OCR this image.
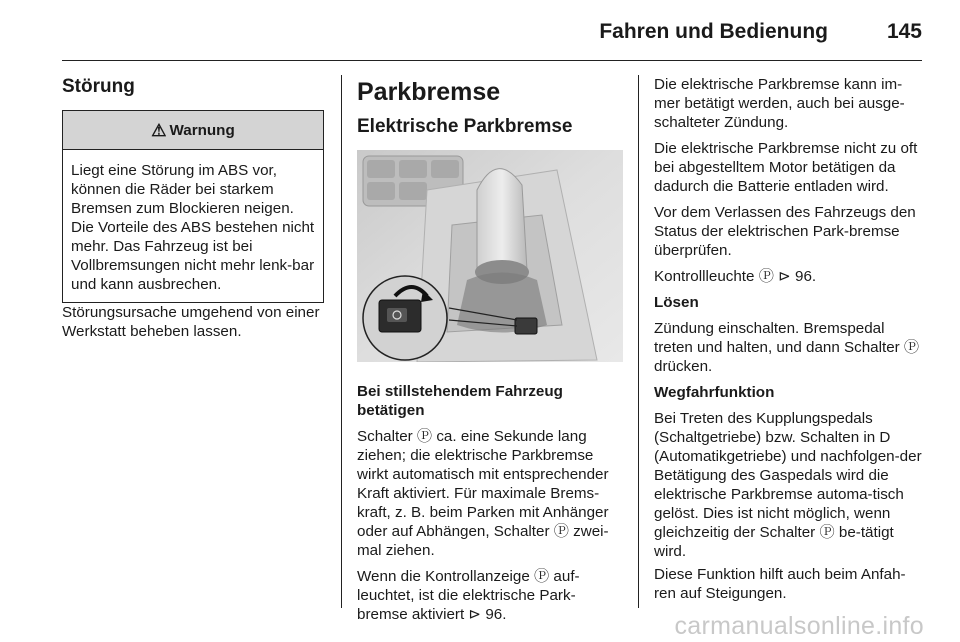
Fahren und Bedienung	145
Störung
⚠ Warnung
Liegt eine Störung im ABS vor, können die Räder bei starkem Bremsen zum Blockieren neigen. Die Vorteile des ABS bestehen nicht mehr. Das Fahrzeug ist bei Vollbremsungen nicht mehr lenk-bar und kann ausbrechen.

Störungsursache umgehend von einer Werkstatt beheben lassen.

Parkbremse
Elektrische Parkbremse

Bei stillstehendem Fahrzeug betätigen

Schalter Ⓟ ca. eine Sekunde lang ziehen; die elektrische Parkbremse wirkt automatisch mit entsprechender Kraft aktiviert. Für maximale Brems-kraft, z. B. beim Parken mit Anhänger oder auf Abhängen, Schalter Ⓟ zwei-mal ziehen.

Wenn die Kontrollanzeige Ⓟ auf-leuchtet, ist die elektrische Park-bremse aktiviert ⊳ 96.

Die elektrische Parkbremse kann im-mer betätigt werden, auch bei ausge-schalteter Zündung.

Die elektrische Parkbremse nicht zu oft bei abgestelltem Motor betätigen da dadurch die Batterie entladen wird.

Vor dem Verlassen des Fahrzeugs den Status der elektrischen Park-bremse überprüfen.

Kontrollleuchte Ⓟ ⊳ 96.

Lösen

Zündung einschalten. Bremspedal treten und halten, und dann Schalter Ⓟ drücken.

Wegfahrfunktion

Bei Treten des Kupplungspedals (Schaltgetriebe) bzw. Schalten in D (Automatikgetriebe) und nachfolgen-der Betätigung des Gaspedals wird die elektrische Parkbremse automa-tisch gelöst. Dies ist nicht möglich, wenn gleichzeitig der Schalter Ⓟ be-tätigt wird.

Diese Funktion hilft auch beim Anfah-ren auf Steigungen.

carmanualsonline.info
